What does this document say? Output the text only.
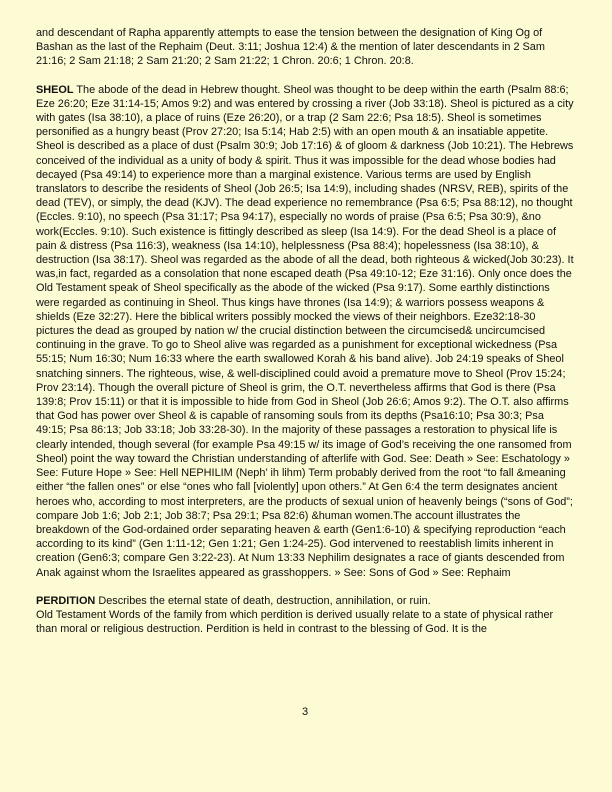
and descendant of Rapha apparently attempts to ease the tension between the designation of King Og of Bashan as the last of the Rephaim (Deut. 3:11; Joshua 12:4) & the mention of later descendants in 2 Sam 21:16; 2 Sam 21:18; 2 Sam 21:20; 2 Sam 21:22; 1 Chron. 20:6; 1 Chron. 20:8.

SHEOL The abode of the dead in Hebrew thought. Sheol was thought to be deep within the earth (Psalm 88:6; Eze 26:20; Eze 31:14-15; Amos 9:2) and was entered by crossing a river (Job 33:18). Sheol is pictured as a city with gates (Isa 38:10), a place of ruins (Eze 26:20), or a trap (2 Sam 22:6; Psa 18:5). Sheol is sometimes personified as a hungry beast (Prov 27:20; Isa 5:14; Hab 2:5) with an open mouth & an insatiable appetite. Sheol is described as a place of dust (Psalm 30:9; Job 17:16) & of gloom & darkness (Job 10:21). The Hebrews conceived of the individual as a unity of body & spirit. Thus it was impossible for the dead whose bodies had decayed (Psa 49:14) to experience more than a marginal existence. Various terms are used by English translators to describe the residents of Sheol (Job 26:5; Isa 14:9), including shades (NRSV, REB), spirits of the dead (TEV), or simply, the dead (KJV). The dead experience no remembrance (Psa 6:5; Psa 88:12), no thought (Eccles. 9:10), no speech (Psa 31:17; Psa 94:17), especially no words of praise (Psa 6:5; Psa 30:9), &no work(Eccles. 9:10). Such existence is fittingly described as sleep (Isa 14:9). For the dead Sheol is a place of pain & distress (Psa 116:3), weakness (Isa 14:10), helplessness (Psa 88:4); hopelessness (Isa 38:10), & destruction (Isa 38:17). Sheol was regarded as the abode of all the dead, both righteous & wicked(Job 30:23). It was,in fact, regarded as a consolation that none escaped death (Psa 49:10-12; Eze 31:16). Only once does the Old Testament speak of Sheol specifically as the abode of the wicked (Psa 9:17). Some earthly distinctions were regarded as continuing in Sheol. Thus kings have thrones (Isa 14:9); & warriors possess weapons & shields (Eze 32:27). Here the biblical writers possibly mocked the views of their neighbors. Eze32:18-30 pictures the dead as grouped by nation w/ the crucial distinction between the circumcised& uncircumcised continuing in the grave. To go to Sheol alive was regarded as a punishment for exceptional wickedness (Psa 55:15; Num 16:30; Num 16:33 where the earth swallowed Korah & his band alive). Job 24:19 speaks of Sheol snatching sinners. The righteous, wise, & well-disciplined could avoid a premature move to Sheol (Prov 15:24; Prov 23:14). Though the overall picture of Sheol is grim, the O.T. nevertheless affirms that God is there (Psa 139:8; Prov 15:11) or that it is impossible to hide from God in Sheol (Job 26:6; Amos 9:2). The O.T. also affirms that God has power over Sheol & is capable of ransoming souls from its depths (Psa16:10; Psa 30:3; Psa 49:15; Psa 86:13; Job 33:18; Job 33:28-30). In the majority of these passages a restoration to physical life is clearly intended, though several (for example Psa 49:15 w/ its image of God’s receiving the one ransomed from Sheol) point the way toward the Christian understanding of afterlife with God. See: Death » See: Eschatology » See: Future Hope » See: Hell NEPHILIM (Neph’ ih lihm) Term probably derived from the root “to fall &meaning either “the fallen ones” or else “ones who fall [violently] upon others.” At Gen 6:4 the term designates ancient heroes who, according to most interpreters, are the products of sexual union of heavenly beings (“sons of God”; compare Job 1:6; Job 2:1; Job 38:7; Psa 29:1; Psa 82:6) &human women.The account illustrates the breakdown of the God-ordained order separating heaven & earth (Gen1:6-10) & specifying reproduction “each according to its kind” (Gen 1:11-12; Gen 1:21; Gen 1:24-25). God intervened to reestablish limits inherent in creation (Gen6:3; compare Gen 3:22-23). At Num 13:33 Nephilim designates a race of giants descended from Anak against whom the Israelites appeared as grasshoppers. » See: Sons of God » See: Rephaim

PERDITION Describes the eternal state of death, destruction, annihilation, or ruin.

Old Testament Words of the family from which perdition is derived usually relate to a state of physical rather than moral or religious destruction. Perdition is held in contrast to the blessing of God. It is the

3
